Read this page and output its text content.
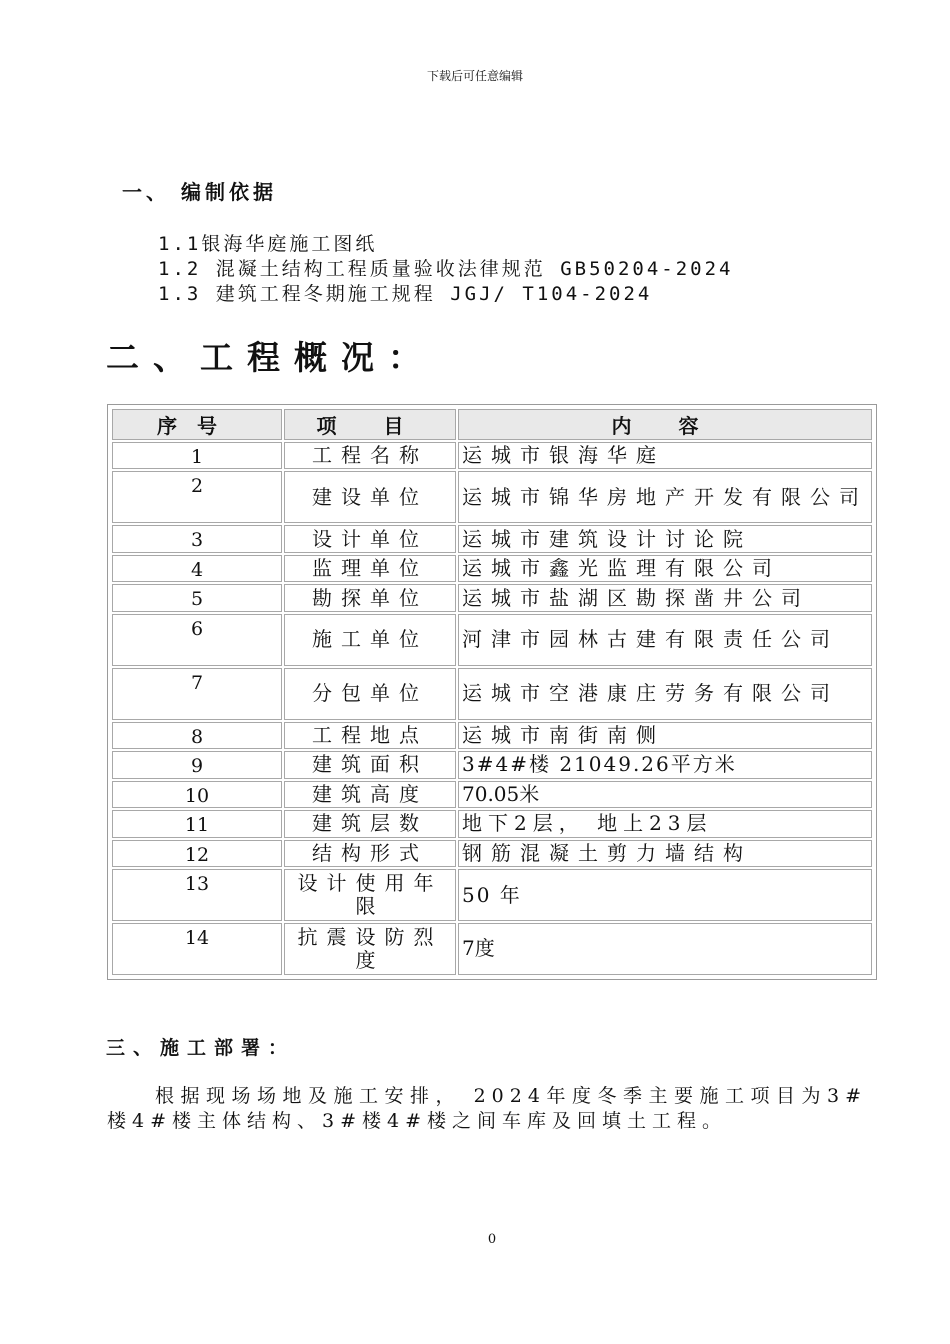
下载后可任意编辑
一、 编制依据
1.1银海华庭施工图纸
1.2 混凝土结构工程质量验收法律规范 GB50204-2024
1.3 建筑工程冬期施工规程 JGJ/ T104-2024
二、工程概况：
序号	项 目	内 容
1	工程名称	运城市银海华庭
2	建设单位	运城市锦华房地产开发有限公司
3	设计单位	运城市建筑设计讨论院
4	监理单位	运城市鑫光监理有限公司
5	勘探单位	运城市盐湖区勘探凿井公司
6	施工单位	河津市园林古建有限责任公司
7	分包单位	运城市空港康庄劳务有限公司
8	工程地点	运城市南街南侧
9	建筑面积	3#4#楼 21049.26平方米
10	建筑高度	70.05米
11	建筑层数	地下2层， 地上23层
12	结构形式	钢筋混凝土剪力墙结构
13	设计使用年限	50 年
14	抗震设防烈度	7度
三、施工部署：
根据现场场地及施工安排， 2024年度冬季主要施工项目为3#楼4#楼主体结构、3#楼4#楼之间车库及回填土工程。
0
